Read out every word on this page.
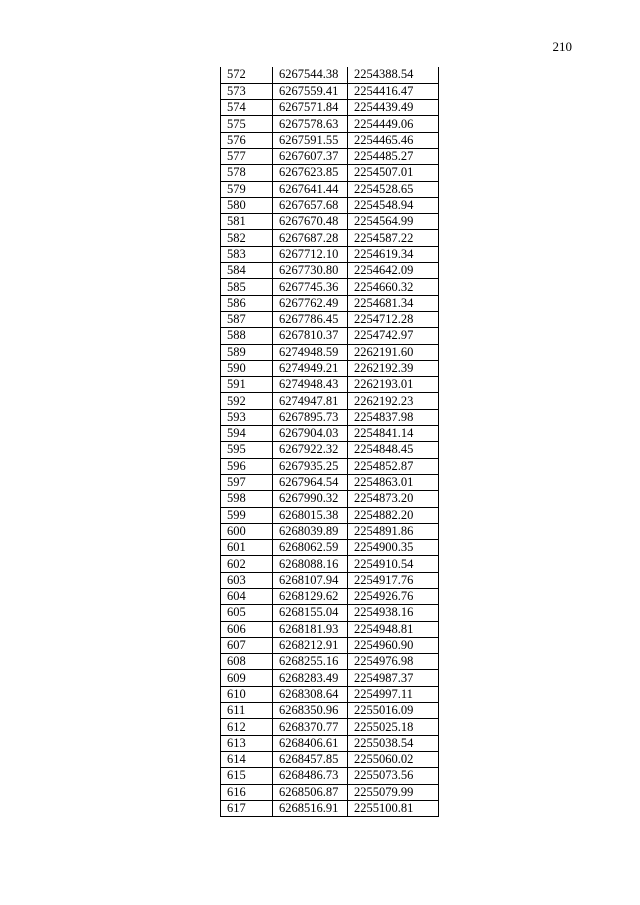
210
572	6267544.38	2254388.54
573	6267559.41	2254416.47
574	6267571.84	2254439.49
575	6267578.63	2254449.06
576	6267591.55	2254465.46
577	6267607.37	2254485.27
578	6267623.85	2254507.01
579	6267641.44	2254528.65
580	6267657.68	2254548.94
581	6267670.48	2254564.99
582	6267687.28	2254587.22
583	6267712.10	2254619.34
584	6267730.80	2254642.09
585	6267745.36	2254660.32
586	6267762.49	2254681.34
587	6267786.45	2254712.28
588	6267810.37	2254742.97
589	6274948.59	2262191.60
590	6274949.21	2262192.39
591	6274948.43	2262193.01
592	6274947.81	2262192.23
593	6267895.73	2254837.98
594	6267904.03	2254841.14
595	6267922.32	2254848.45
596	6267935.25	2254852.87
597	6267964.54	2254863.01
598	6267990.32	2254873.20
599	6268015.38	2254882.20
600	6268039.89	2254891.86
601	6268062.59	2254900.35
602	6268088.16	2254910.54
603	6268107.94	2254917.76
604	6268129.62	2254926.76
605	6268155.04	2254938.16
606	6268181.93	2254948.81
607	6268212.91	2254960.90
608	6268255.16	2254976.98
609	6268283.49	2254987.37
610	6268308.64	2254997.11
611	6268350.96	2255016.09
612	6268370.77	2255025.18
613	6268406.61	2255038.54
614	6268457.85	2255060.02
615	6268486.73	2255073.56
616	6268506.87	2255079.99
617	6268516.91	2255100.81
